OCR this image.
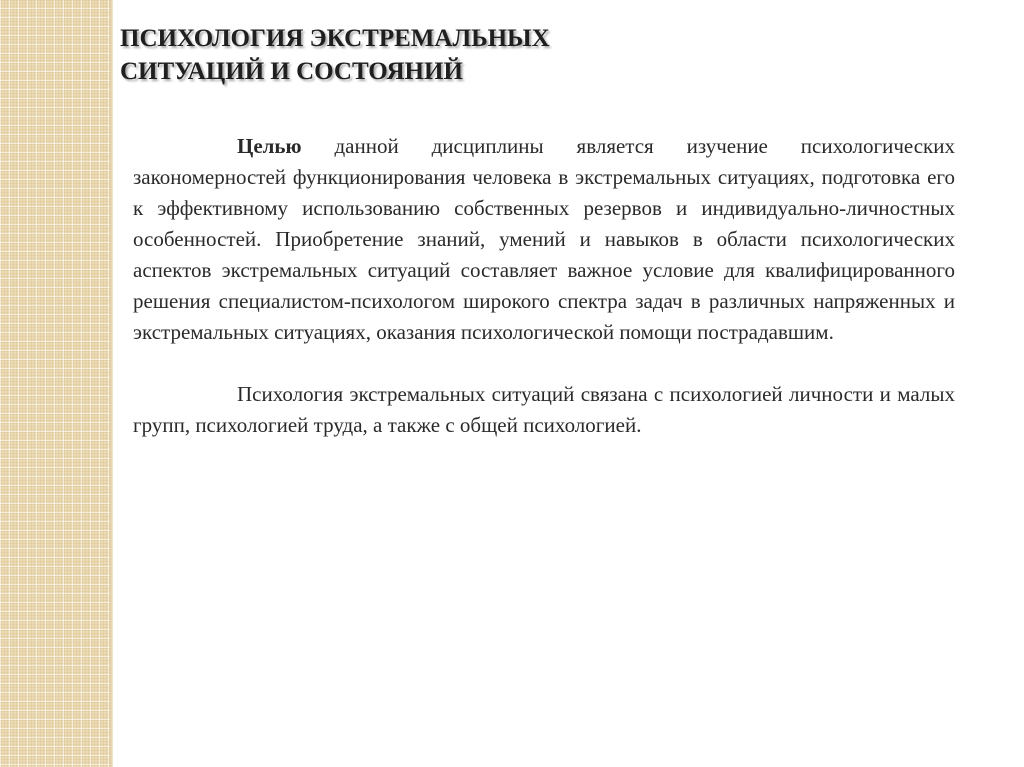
ПСИХОЛОГИЯ ЭКСТРЕМАЛЬНЫХ
СИТУАЦИЙ И СОСТОЯНИЙ

Целью данной дисциплины является изучение психологических закономерностей функционирования человека в экстремальных ситуациях, подготовка его к эффективному использованию собственных резервов и индивидуально-личностных особенностей. Приобретение знаний, умений и навыков в области психологических аспектов экстремальных ситуаций составляет важное условие для квалифицированного решения специалистом-психологом широкого спектра задач в различных напряженных и экстремальных ситуациях, оказания психологической помощи пострадавшим.

Психология экстремальных ситуаций связана с психологией личности и малых групп, психологией труда, а также с общей психологией.
